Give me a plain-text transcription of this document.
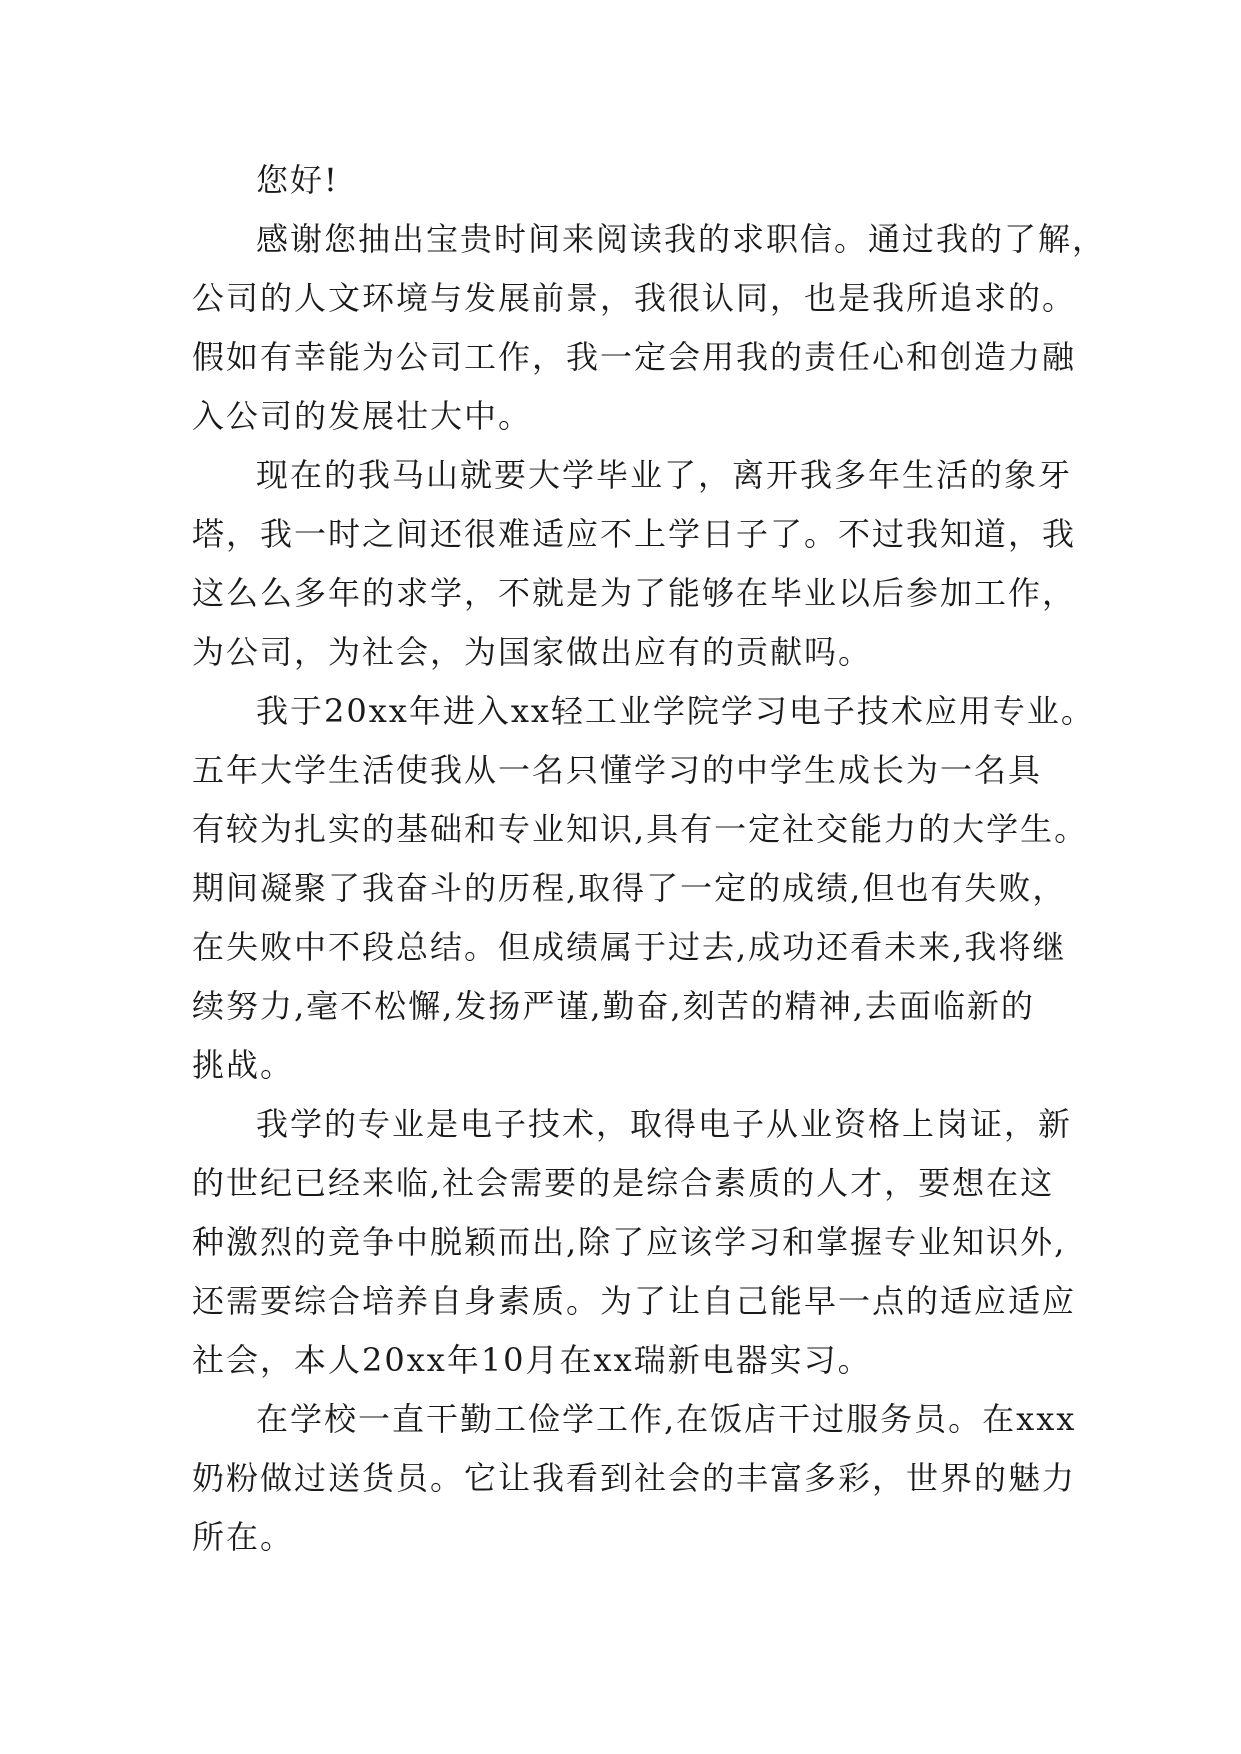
您好!
感谢您抽出宝贵时间来阅读我的求职信。通过我的了解，
公司的人文环境与发展前景，我很认同，也是我所追求的。
假如有幸能为公司工作，我一定会用我的责任心和创造力融
入公司的发展壮大中。
现在的我马山就要大学毕业了，离开我多年生活的象牙
塔，我一时之间还很难适应不上学日子了。不过我知道，我
这么么多年的求学，不就是为了能够在毕业以后参加工作，
为公司，为社会，为国家做出应有的贡献吗。
我于20xx年进入xx轻工业学院学习电子技术应用专业。
五年大学生活使我从一名只懂学习的中学生成长为一名具
有较为扎实的基础和专业知识,具有一定社交能力的大学生。
期间凝聚了我奋斗的历程,取得了一定的成绩,但也有失败，
在失败中不段总结。但成绩属于过去,成功还看未来,我将继
续努力,毫不松懈,发扬严谨,勤奋,刻苦的精神,去面临新的
挑战。
我学的专业是电子技术，取得电子从业资格上岗证，新
的世纪已经来临,社会需要的是综合素质的人才，要想在这
种激烈的竞争中脱颖而出,除了应该学习和掌握专业知识外,
还需要综合培养自身素质。为了让自己能早一点的适应适应
社会，本人20xx年10月在xx瑞新电器实习。
在学校一直干勤工俭学工作,在饭店干过服务员。在xxx
奶粉做过送货员。它让我看到社会的丰富多彩，世界的魅力
所在。
